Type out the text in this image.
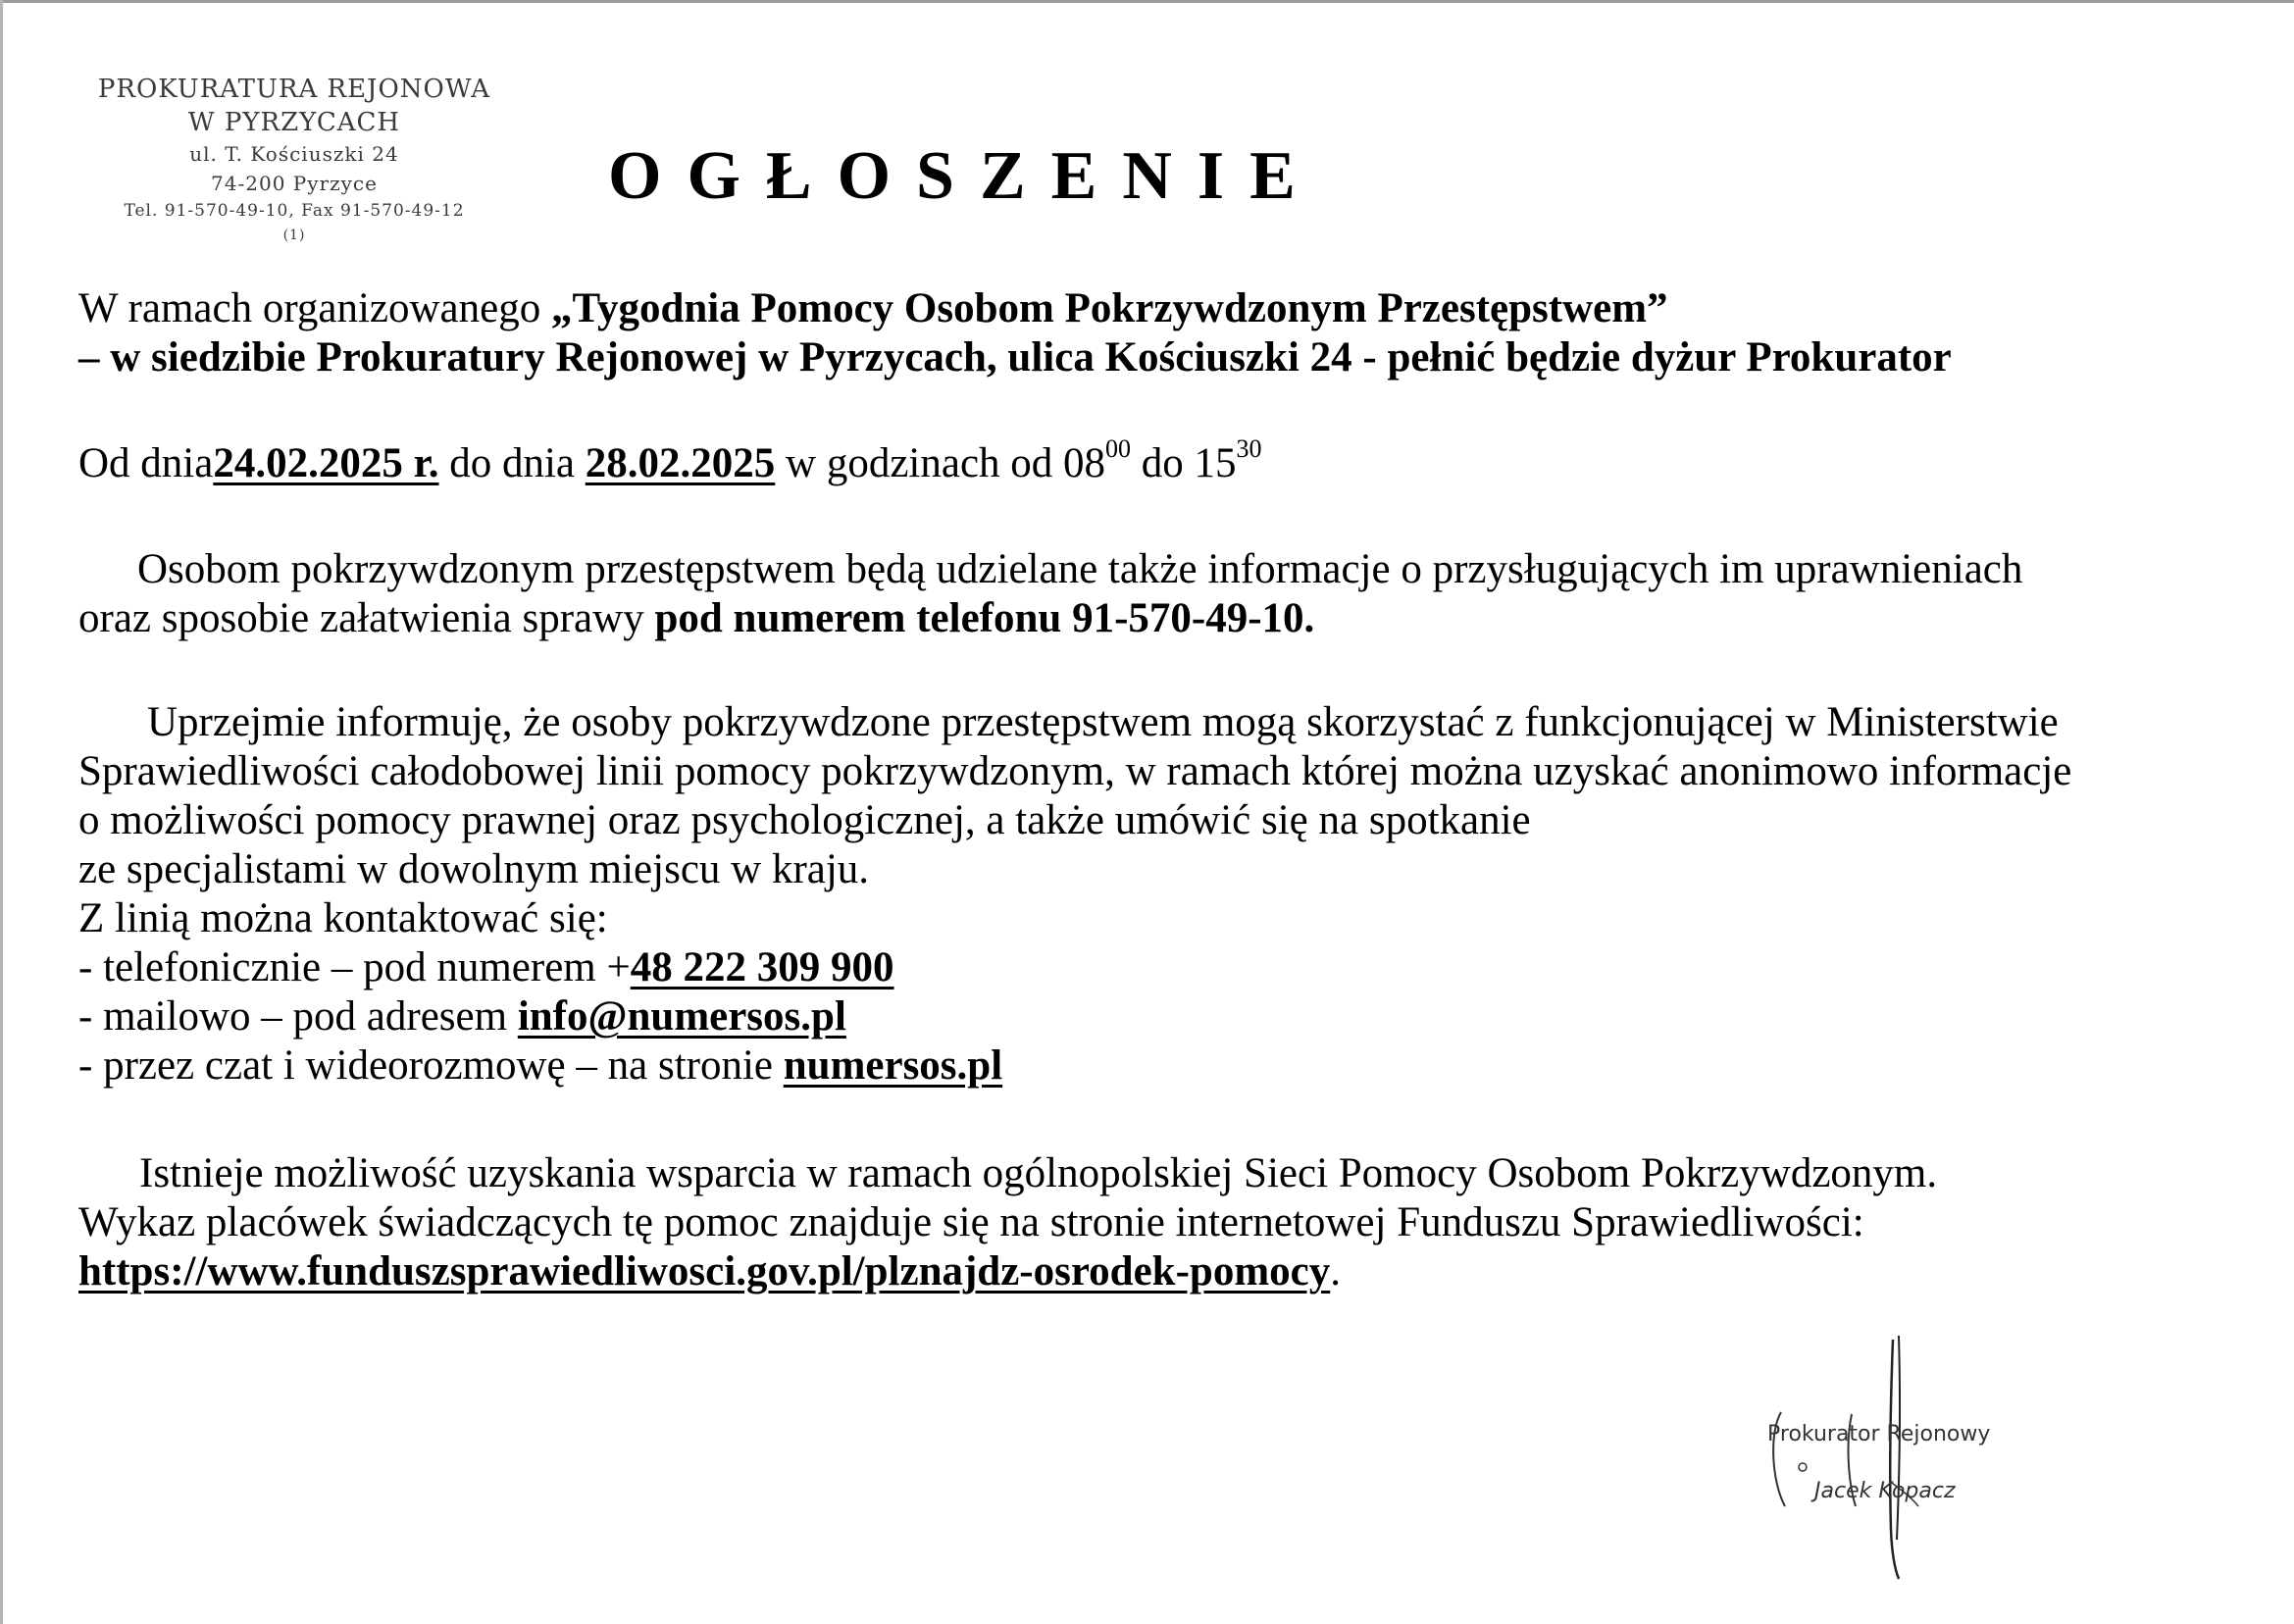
PROKURATURA REJONOWA
W PYRZYCACH
ul. T. Kościuszki 24
74-200 Pyrzyce
Tel. 91-570-49-10, Fax 91-570-49-12
(1)
OGŁOSZENIE

W ramach organizowanego „Tygodnia Pomocy Osobom Pokrzywdzonym Przestępstwem”

– w siedzibie Prokuratury Rejonowej w Pyrzycach, ulica Kościuszki 24 - pełnić będzie dyżur Prokurator

Od dnia24.02.2025 r. do dnia 28.02.2025 w godzinach od $08^{00}$ do $15^{30}$

Osobom pokrzywdzonym przestępstwem będą udzielane także informacje o przysługujących im uprawnieniach

oraz sposobie załatwienia sprawy pod numerem telefonu 91-570-49-10.

Uprzejmie informuję, że osoby pokrzywdzone przestępstwem mogą skorzystać z funkcjonującej w Ministerstwie

Sprawiedliwości całodobowej linii pomocy pokrzywdzonym, w ramach której można uzyskać anonimowo informacje

o możliwości pomocy prawnej oraz psychologicznej, a także umówić się na spotkanie

ze specjalistami w dowolnym miejscu w kraju.

Z linią można kontaktować się:

- telefonicznie – pod numerem +48 222 309 900

- mailowo – pod adresem info@numersos.pl

- przez czat i wideorozmowę – na stronie numersos.pl

Istnieje możliwość uzyskania wsparcia w ramach ogólnopolskiej Sieci Pomocy Osobom Pokrzywdzonym.

Wykaz placówek świadczących tę pomoc znajduje się na stronie internetowej Funduszu Sprawiedliwości:

https://www.funduszsprawiedliwosci.gov.pl/plznajdz-osrodek-pomocy.

Prokurator Rejonowy
Jacek Kopacz
